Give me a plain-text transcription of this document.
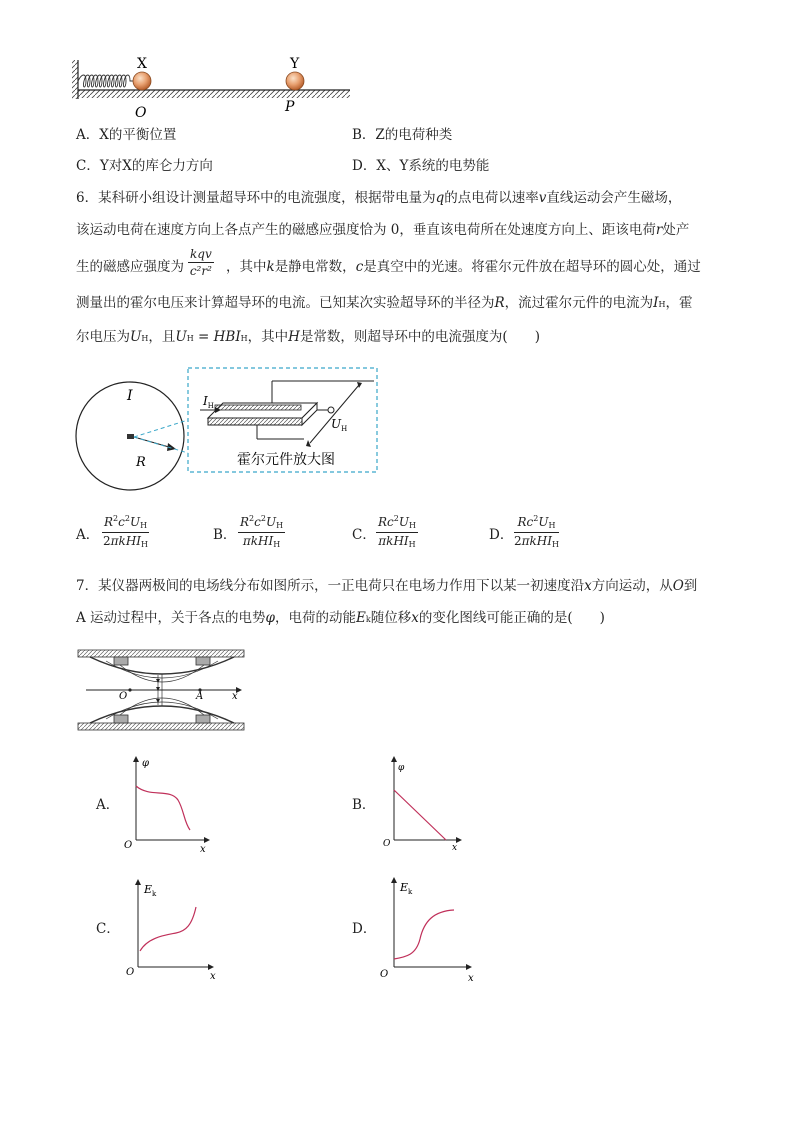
X	Y
O	P
A．X的平衡位置	B．Z的电荷种类
C．Y对X的库仑力方向	D．X、Y系统的电势能
6．某科研小组设计测量超导环中的电流强度，根据带电量为q的点电荷以速率v直线运动会产生磁场，
该运动电荷在速度方向上各点产生的磁感应强度恰为 0，垂直该电荷所在处速度方向上、距该电荷r处产
生的磁感应强度为
kqv
c²r² ，其中k是静电常数，c是真空中的光速。将霍尔元件放在超导环的圆心处，通过
测量出的霍尔电压来计算超导环的电流。已知某次实验超导环的半径为R，流过霍尔元件的电流为IH，霍
尔电压为UH，且UH = HBIH，其中H是常数，则超导环中的电流强度为(　　)
I
R
$I_H$
$U_H$
霍尔元件放大图
A．
$R^2c^2UH$
2πkHIH
B．
$R^2c^2UH$
πkHIH
C．
Rc$^2$UH
πkHIH
D．
Rc$^2$UH
2πkHIH
7．某仪器两极间的电场线分布如图所示，一正电荷只在电场力作用下以某一初速度沿x方向运动，从O到
A 运动过程中，关于各点的电势φ，电荷的动能Ek随位移x的变化图线可能正确的是(　　)
O	A	x
A．
φ
O	x
B．
φ
O	x
C．
$E_k$
O	x
D．
$E_k$
O	x
